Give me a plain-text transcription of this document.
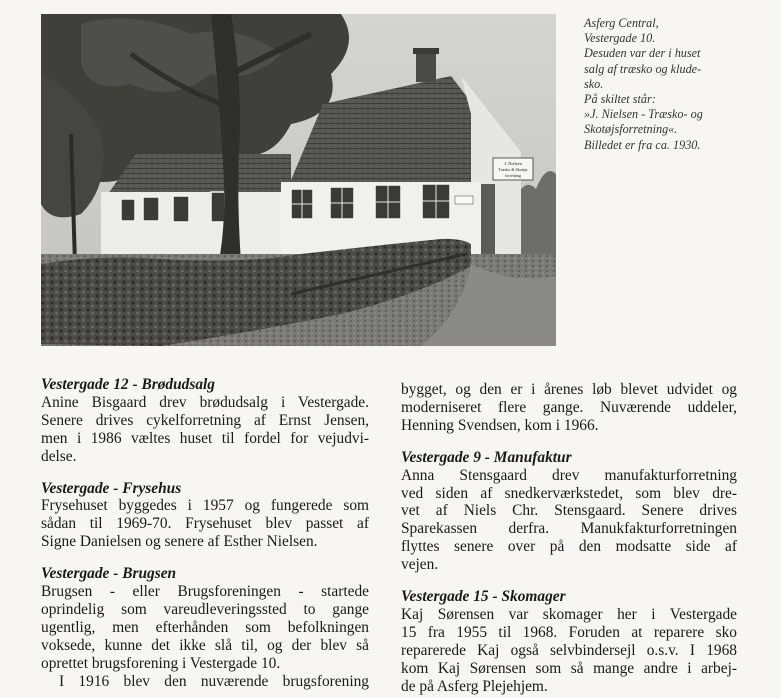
J. Nielsen
Træsko & Skotøjs
forretning
Asferg Central,
Vestergade 10.
Desuden var der i huset
salg af træsko og klude-
sko.
På skiltet står:
»J. Nielsen - Træsko- og
Skotøjsforretning«.
Billedet er fra ca. 1930.
Vestergade 12 - Brødudsalg
Anine Bisgaard drev brødudsalg i Vestergade.
Senere drives cykelforretning af Ernst Jensen,
men i 1986 væltes huset til fordel for vejudvi-
delse.
Vestergade - Frysehus
Frysehuset byggedes i 1957 og fungerede som
sådan til 1969-70. Frysehuset blev passet af
Signe Danielsen og senere af Esther Nielsen.
Vestergade - Brugsen
Brugsen - eller Brugsforeningen - startede
oprindelig som vareudleveringssted to gange
ugentlig, men efterhånden som befolkningen
voksede, kunne det ikke slå til, og der blev så
oprettet brugsforening i Vestergade 10.
I 1916 blev den nuværende brugsforening
bygget, og den er i årenes løb blevet udvidet og
moderniseret flere gange. Nuværende uddeler,
Henning Svendsen, kom i 1966.
Vestergade 9 - Manufaktur
Anna Stensgaard drev manufakturforretning
ved siden af snedkerværkstedet, som blev dre-
vet af Niels Chr. Stensgaard. Senere drives
Sparekassen derfra. Manukfakturforretningen
flyttes senere over på den modsatte side af
vejen.
Vestergade 15 - Skomager
Kaj Sørensen var skomager her i Vestergade
15 fra 1955 til 1968. Foruden at reparere sko
reparerede Kaj også selvbindersejl o.s.v. I 1968
kom Kaj Sørensen som så mange andre i arbej-
de på Asferg Plejehjem.
